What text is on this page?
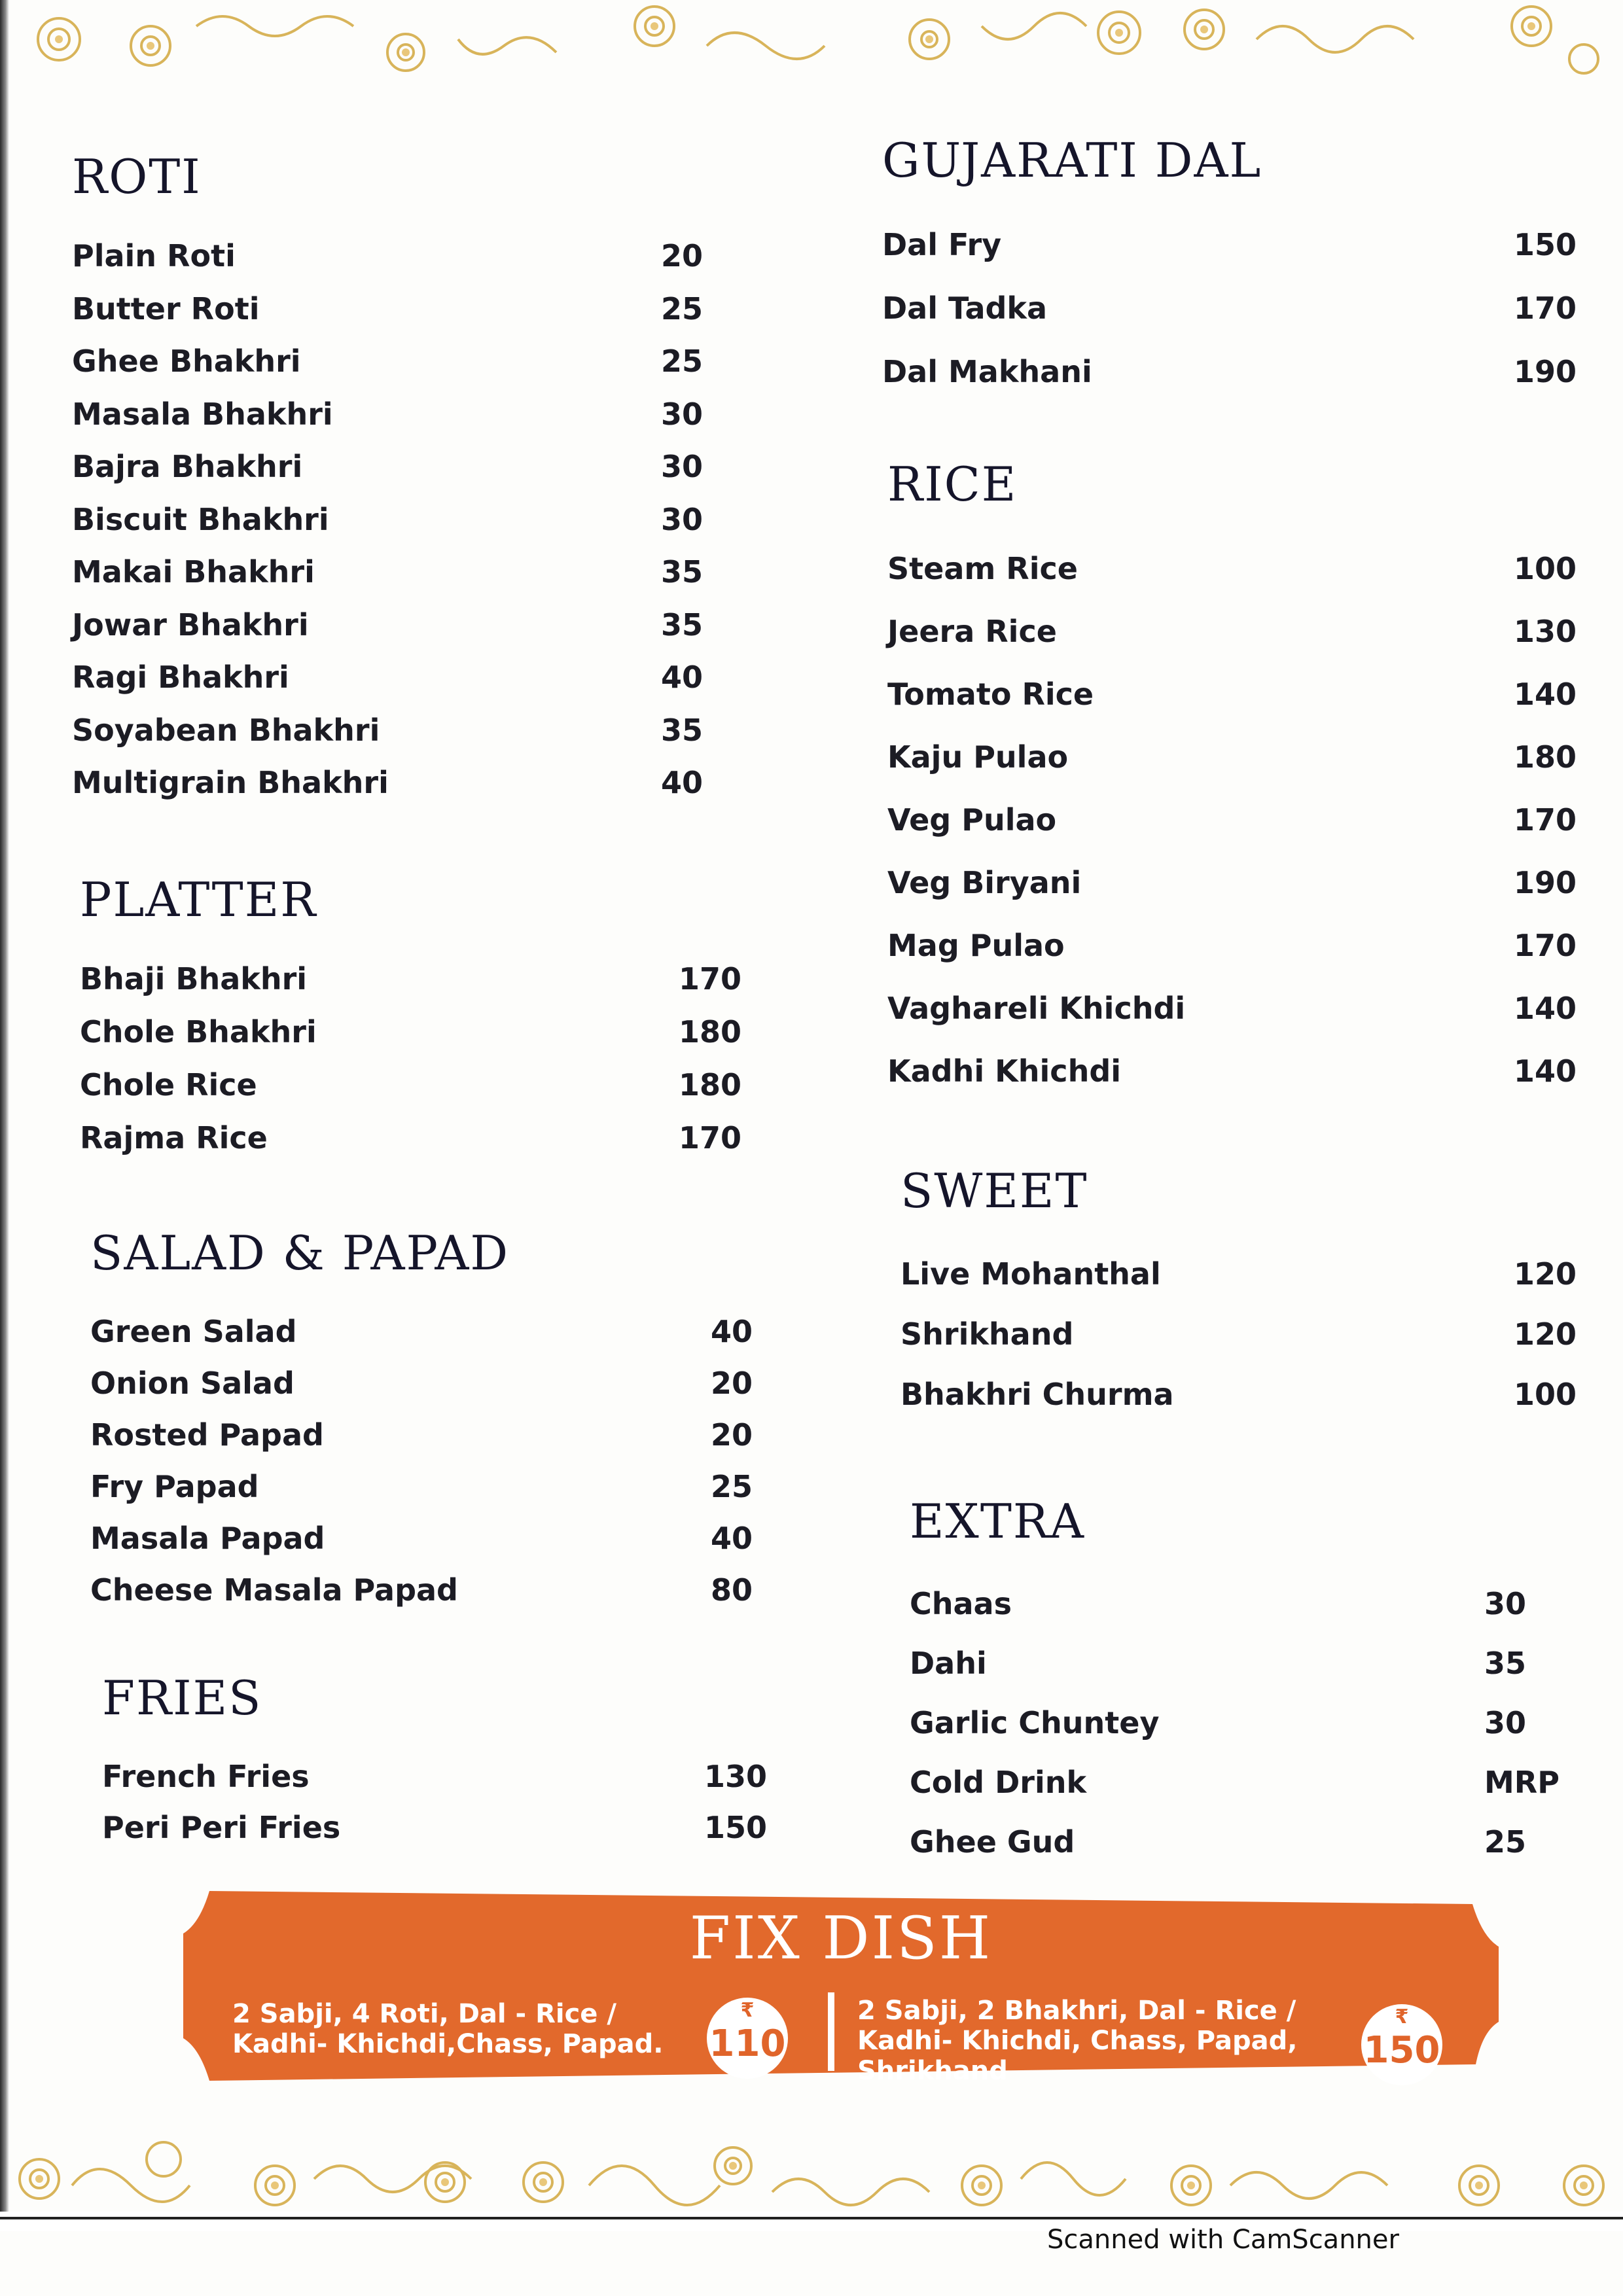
ROTI
Plain Roti	20
Butter Roti	25
Ghee Bhakhri	25
Masala Bhakhri	30
Bajra Bhakhri	30
Biscuit Bhakhri	30
Makai Bhakhri	35
Jowar Bhakhri	35
Ragi Bhakhri	40
Soyabean Bhakhri	35
Multigrain Bhakhri	40
PLATTER
Bhaji Bhakhri	170
Chole Bhakhri	180
Chole Rice	180
Rajma Rice	170
SALAD & PAPAD
Green Salad	40
Onion Salad	20
Rosted Papad	20
Fry Papad	25
Masala Papad	40
Cheese Masala Papad	80
FRIES
French Fries	130
Peri Peri Fries	150
GUJARATI DAL
Dal Fry	150
Dal Tadka	170
Dal Makhani	190
RICE
Steam Rice	100
Jeera Rice	130
Tomato Rice	140
Kaju Pulao	180
Veg Pulao	170
Veg Biryani	190
Mag Pulao	170
Vaghareli Khichdi	140
Kadhi Khichdi	140
SWEET
Live Mohanthal	120
Shrikhand	120
Bhakhri Churma	100
EXTRA
Chaas	30
Dahi	35
Garlic Chuntey	30
Cold Drink	MRP
Ghee Gud	25
FIX DISH
2 Sabji, 4 Roti, Dal - Rice /
Kadhi- Khichdi,Chass, Papad.
₹
110
2 Sabji, 2 Bhakhri, Dal - Rice /
Kadhi- Khichdi, Chass, Papad,
Shrikhand
₹
150
Scanned with CamScanner
